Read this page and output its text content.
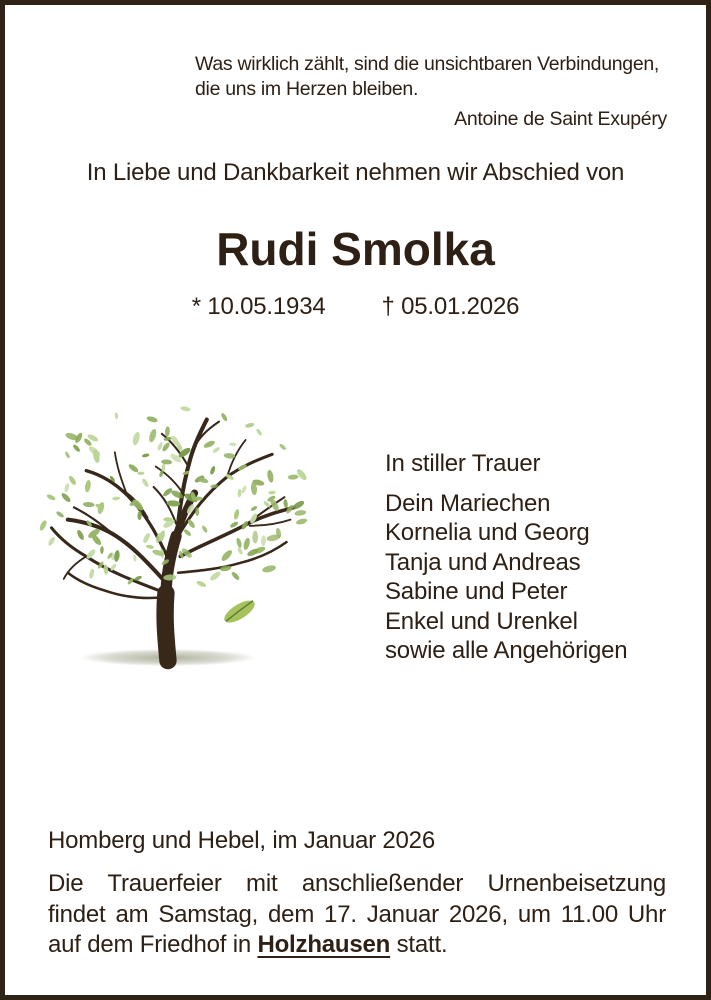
Was wirklich zählt, sind die unsichtbaren Verbindungen,
die uns im Herzen bleiben.
Antoine de Saint Exupéry
In Liebe und Dankbarkeit nehmen wir Abschied von
Rudi Smolka
* 10.05.1934 † 05.01.2026
In stiller Trauer
Dein Mariechen
Kornelia und Georg
Tanja und Andreas
Sabine und Peter
Enkel und Urenkel
sowie alle Angehörigen
Homberg und Hebel, im Januar 2026
Die Trauerfeier mit anschließender Urnenbeisetzung
findet am Samstag, dem 17. Januar 2026, um 11.00 Uhr
auf dem Friedhof in Holzhausen statt.
